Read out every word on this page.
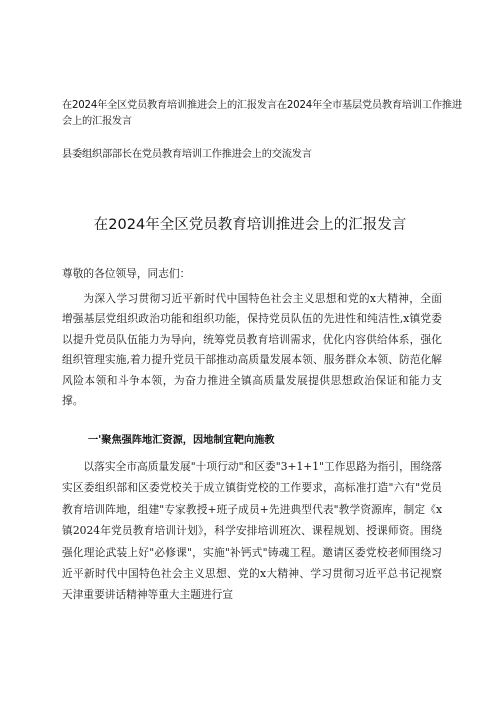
在2024年全区党员教育培训推进会上的汇报发言在2024年全市基层党员教育培训工作推进会上的汇报发言
县委组织部部长在党员教育培训工作推进会上的交流发言
在2024年全区党员教育培训推进会上的汇报发言
尊敬的各位领导，同志们：
为深入学习贯彻习近平新时代中国特色社会主义思想和党的x大精神，全面增强基层党组织政治功能和组织功能，保持党员队伍的先进性和纯洁性,x镇党委以提升党员队伍能力为导向，统筹党员教育培训需求，优化内容供给体系，强化组织管理实施,着力提升党员干部推动高质量发展本领、服务群众本领、防范化解风险本领和斗争本领，为奋力推进全镇高质量发展提供思想政治保证和能力支撑。
一'聚焦强阵地汇资源，因地制宜靶向施教
以落实全市高质量发展"十项行动"和区委"3+1+1"工作思路为指引，围绕落实区委组织部和区委党校关于成立镇街党校的工作要求，高标准打造"六有"党员教育培训阵地，组建"专家教授+班子成员+先进典型代表"教学资源库，制定《x镇2024年党员教育培训计划》，科学安排培训班次、课程规划、授课师资。围绕强化理论武装上好"必修课"，实施"补钙式"铸魂工程。邀请区委党校老师围绕习近平新时代中国特色社会主义思想、党的x大精神、学习贯彻习近平总书记视察天津重要讲话精神等重大主题进行宣
